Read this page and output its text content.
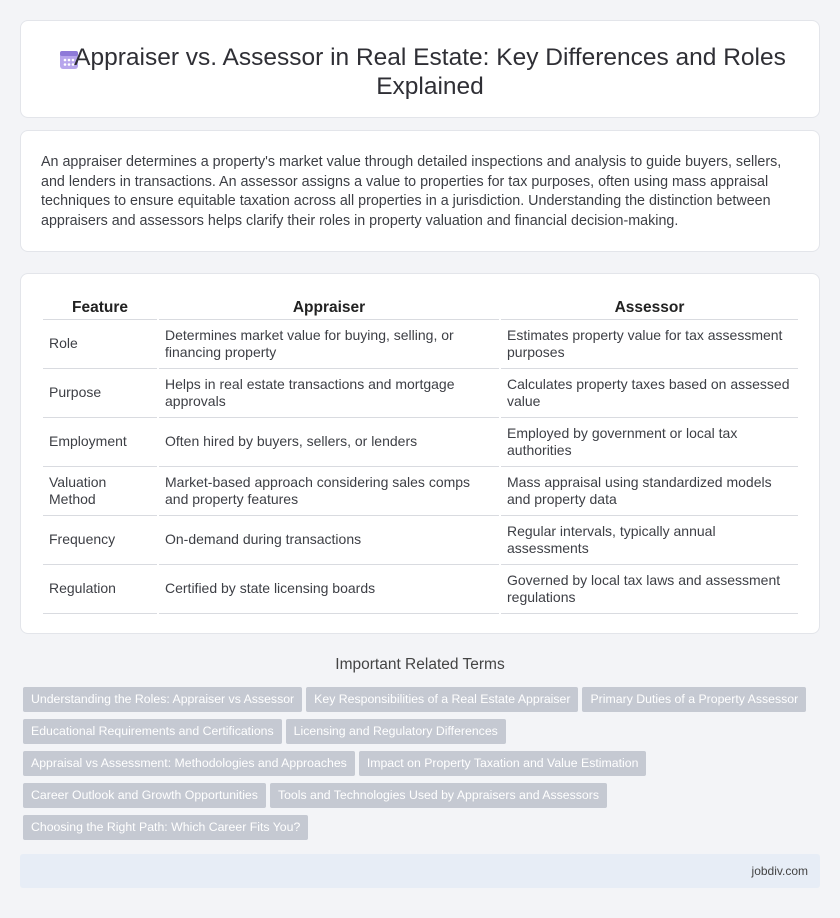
Appraiser vs. Assessor in Real Estate: Key Differences and Roles Explained

An appraiser determines a property's market value through detailed inspections and analysis to guide buyers, sellers, and lenders in transactions. An assessor assigns a value to properties for tax purposes, often using mass appraisal techniques to ensure equitable taxation across all properties in a jurisdiction. Understanding the distinction between appraisers and assessors helps clarify their roles in property valuation and financial decision-making.

Feature	Appraiser	Assessor
Role	Determines market value for buying, selling, or financing property	Estimates property value for tax assessment purposes
Purpose	Helps in real estate transactions and mortgage approvals	Calculates property taxes based on assessed value
Employment	Often hired by buyers, sellers, or lenders	Employed by government or local tax authorities
Valuation Method	Market-based approach considering sales comps and property features	Mass appraisal using standardized models and property data
Frequency	On-demand during transactions	Regular intervals, typically annual assessments
Regulation	Certified by state licensing boards	Governed by local tax laws and assessment regulations
Important Related Terms
Understanding the Roles: Appraiser vs Assessor Key Responsibilities of a Real Estate Appraiser Primary Duties of a Property Assessor
Educational Requirements and Certifications Licensing and Regulatory Differences
Appraisal vs Assessment: Methodologies and Approaches Impact on Property Taxation and Value Estimation
Career Outlook and Growth Opportunities Tools and Technologies Used by Appraisers and Assessors
Choosing the Right Path: Which Career Fits You?
jobdiv.com
